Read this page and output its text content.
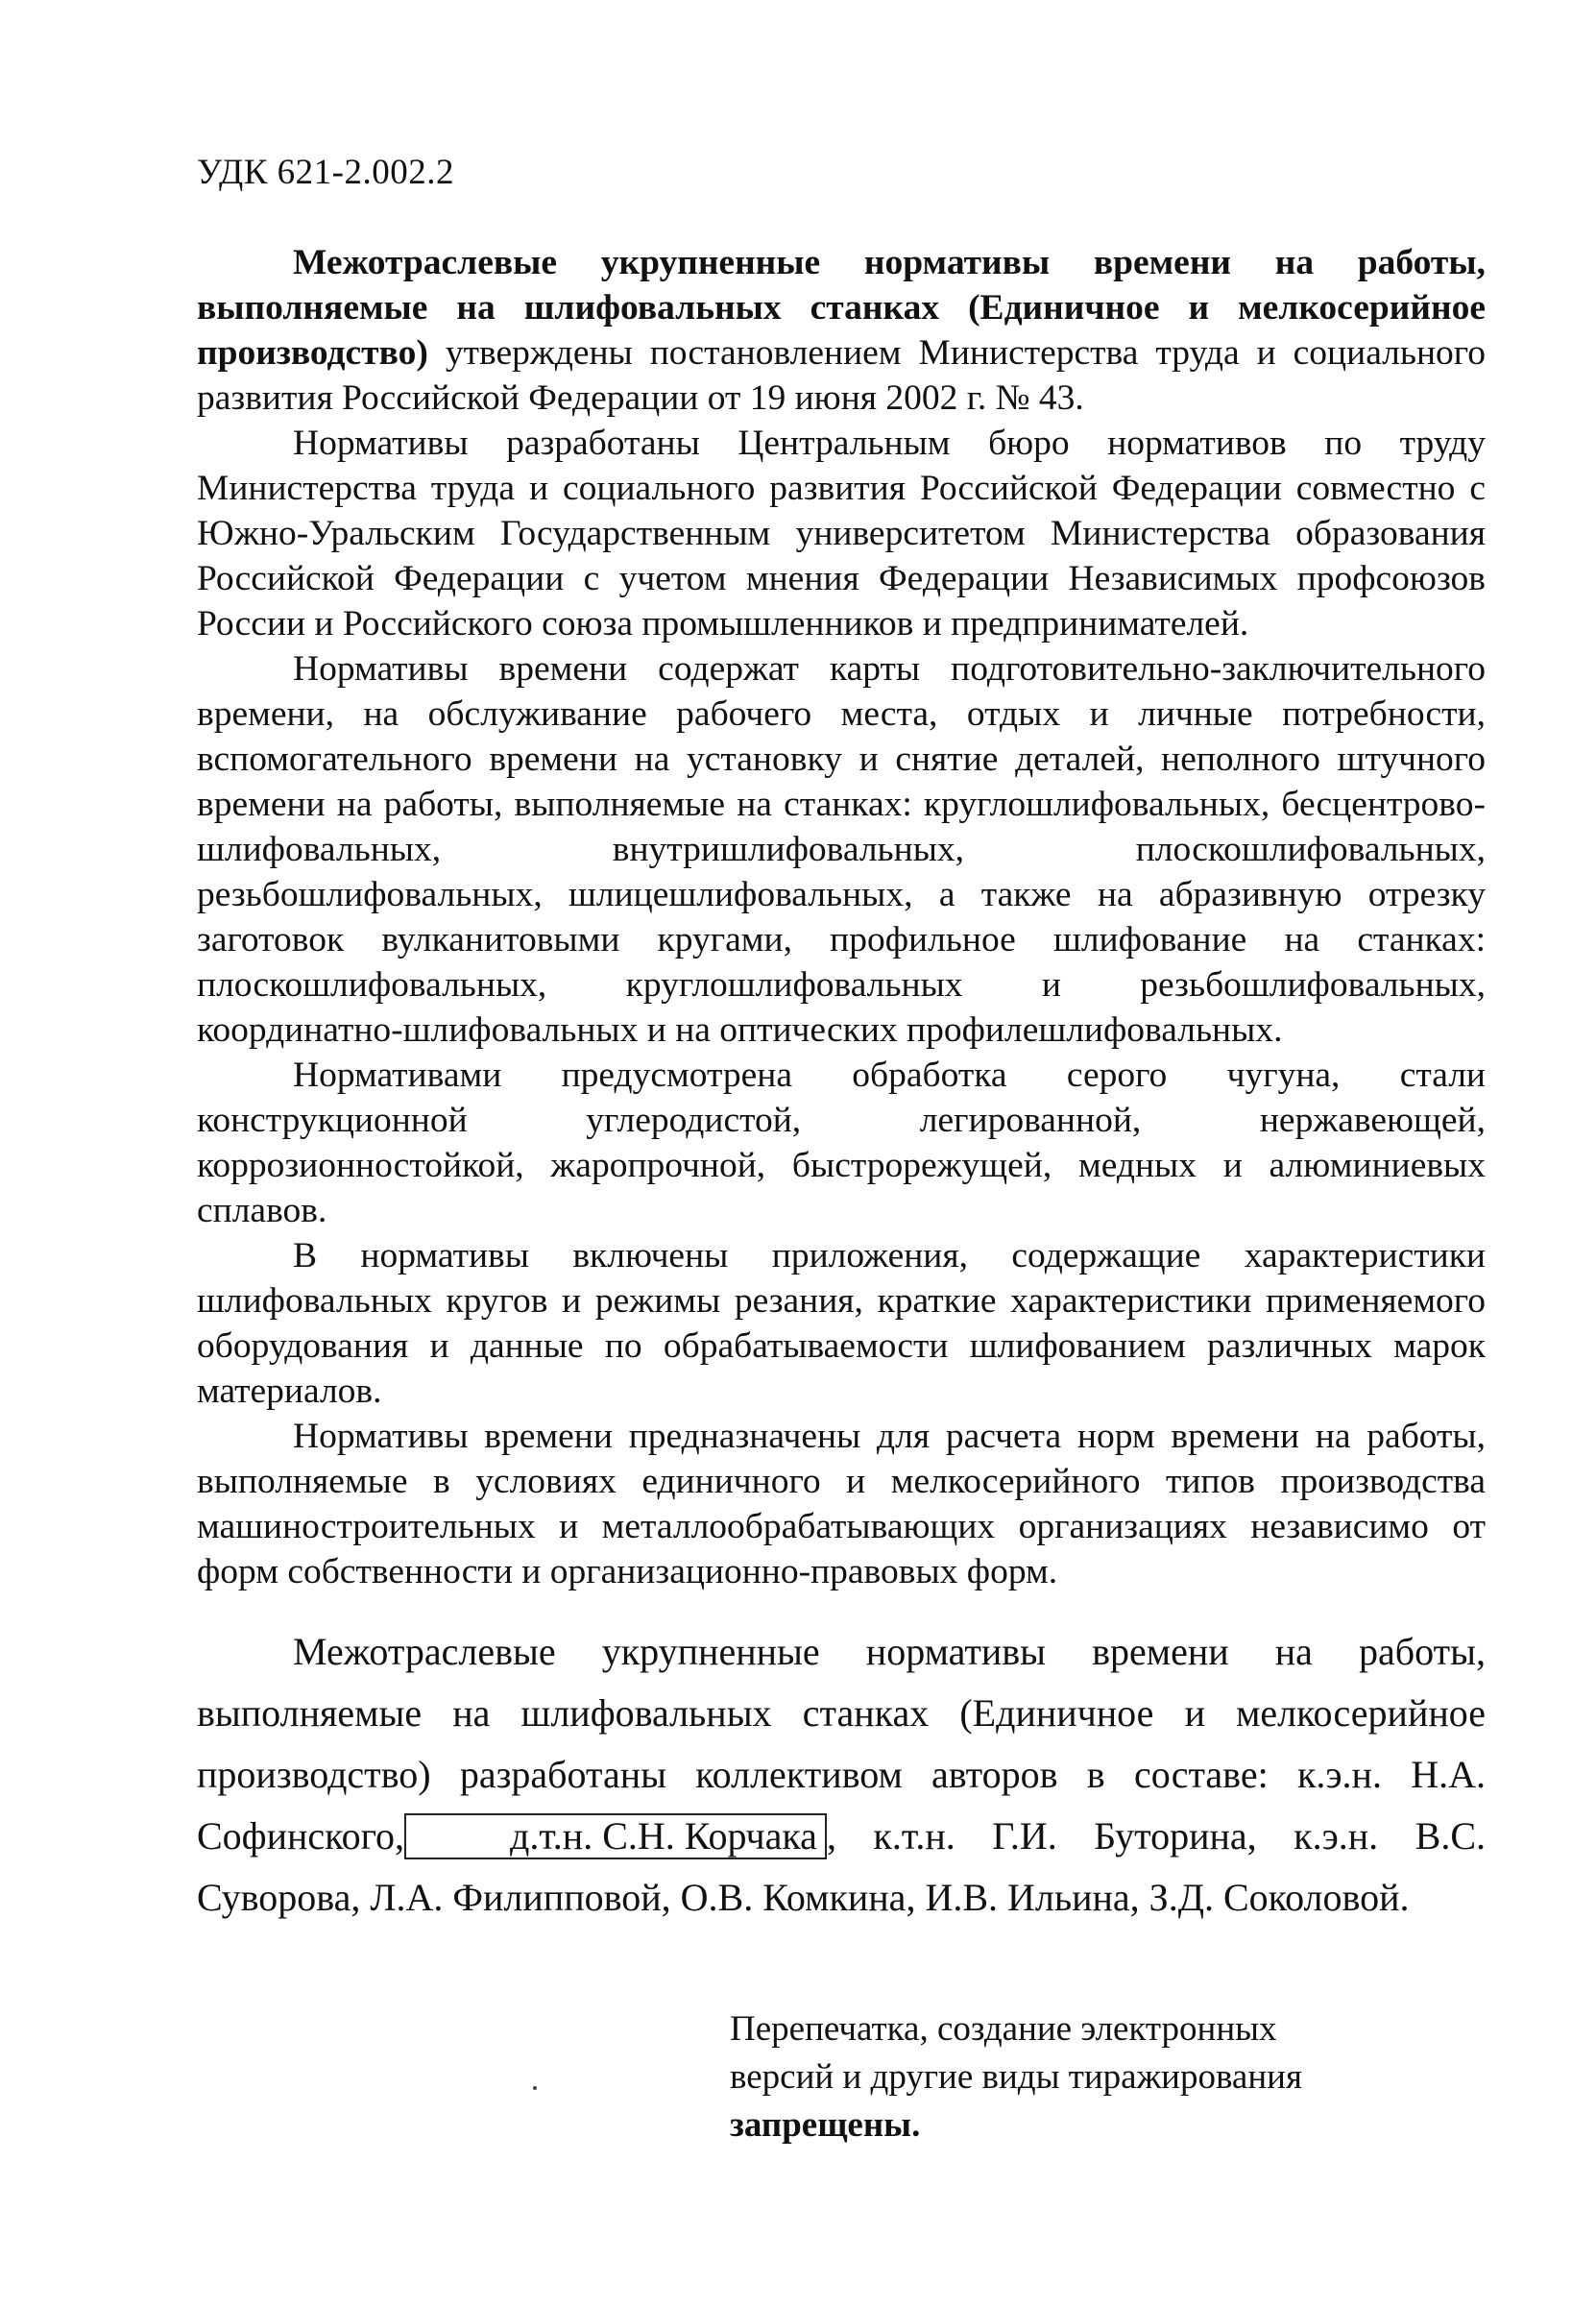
УДК 621-2.002.2

Межотраслевые укрупненные нормативы времени на работы, выполняемые на шлифовальных станках (Единичное и мелкосерийное производство) утверждены постановлением Министерства труда и социального развития Российской Федерации от 19 июня 2002 г. № 43.

Нормативы разработаны Центральным бюро нормативов по труду Министерства труда и социального развития Российской Федерации совместно с Южно-Уральским Государственным университетом Министерства образования Российской Федерации с учетом мнения Федерации Независимых профсоюзов России и Российского союза промышленников и предпринимателей.

Нормативы времени содержат карты подготовительно-заключительного времени, на обслуживание рабочего места, отдых и личные потребности, вспомогательного времени на установку и снятие деталей, неполного штучного времени на работы, выполняемые на станках: круглошлифовальных, бесцентрово-шлифовальных, внутришлифовальных, плоскошлифовальных, резьбошлифовальных, шлицешлифовальных, а также на абразивную отрезку заготовок вулканитовыми кругами, профильное шлифование на станках: плоскошлифовальных, круглошлифовальных и резьбошлифовальных, координатно-шлифовальных и на оптических профилешлифовальных.

Нормативами предусмотрена обработка серого чугуна, стали конструкционной углеродистой, легированной, нержавеющей, коррозионностойкой, жаропрочной, быстрорежущей, медных и алюминиевых сплавов.

В нормативы включены приложения, содержащие характеристики шлифовальных кругов и режимы резания, краткие характеристики применяемого оборудования и данные по обрабатываемости шлифованием различных марок материалов.

Нормативы времени предназначены для расчета норм времени на работы, выполняемые в условиях единичного и мелкосерийного типов производства машиностроительных и металлообрабатывающих организациях независимо от форм собственности и организационно-правовых форм.

Межотраслевые укрупненные нормативы времени на работы, выполняемые на шлифовальных станках (Единичное и мелкосерийное производство) разработаны коллективом авторов в составе: к.э.н. Н.А. Софинского,	д.т.н. С.Н. Корчака , к.т.н. Г.И. Буторина, к.э.н. В.С. Суворова, Л.А. Филипповой, О.В. Комкина, И.В. Ильина, З.Д. Соколовой.

Перепечатка, создание электронных
версий и другие виды тиражирования
запрещены.
